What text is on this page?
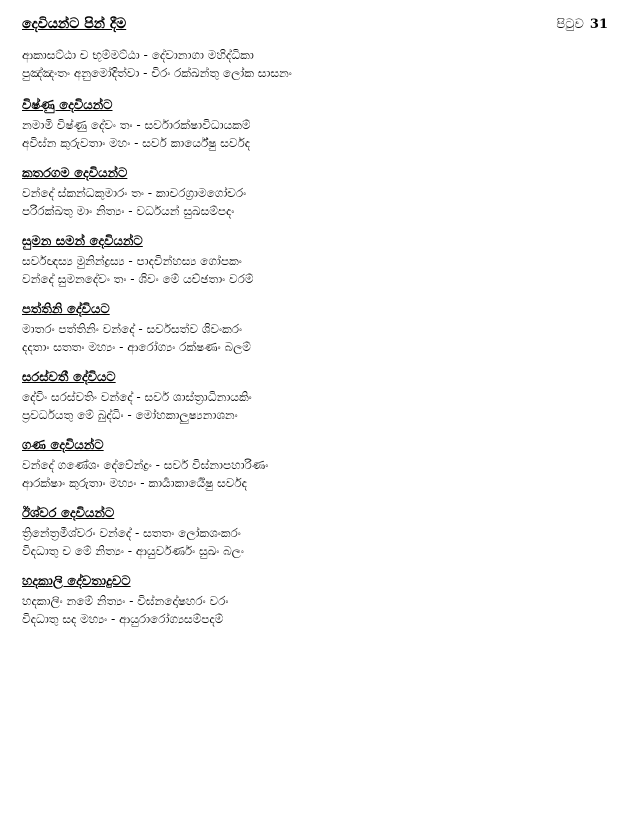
දෙවියන්ට පින් දීම	පිටුව 31
ආකාසට්ඨා ච භුම්මට්ඨා - දේවානාගා මහිද්ධිකා
පුඤ්ඤංතං අනුමෝදිත්වා - චිරං රක්ඛන්තු ලෝක සාසනං
විෂ්ණු දෙවියන්ට
නමාමි විෂ්ණු දේවං තං - සර්වාරක්ෂාවිධායකම්
අවිඝ්න කුරුවතාං මහං - සර්ව කාර්යේෂු සර්වද
කතරගම දෙවියන්ට
වන්දේ ස්කන්ධකුමාරං තං - කාචරග්‍රාමගෝචරං
පරිරක්ඛතු මාං නිත්‍යං - වර්ධයන් සුඛසම්පදං
සුමන සමන් දෙවියන්ට
සර්වඥස්‍ය මුනින්ද්‍රස්‍ය - පාදචින්හස්‍ය ගෝපකං
වන්දේ සුමනදේවං තං - ශිවං මේ යච්ඡතාං වරම්
පත්තිනි දේවියට
මාතරං පත්තිනිං වන්දේ - සර්වසත්ව ශිවංකරං
දදතාං සතතං මහ්‍යං - ආරෝග්‍යං රක්ෂණං බලම්
සරස්වතී දේවියට
දේවිං සරස්වතිං වන්දේ - සර්ව ශාස්ත්‍රාධිනායකිං
ප්‍රවර්ධයතු මේ බුද්ධිං - මෝහකාලුෂ්‍යනාශනං
ගණ දෙවියන්ට
වන්දේ ගණේශං දේවේන්ද්‍රං - සර්ව විඝ්නාපහාරිණං
ආරක්ෂාං කුරුතාං මහ්‍යං - කාර්‍යාකාර්‍යේෂු සර්වද
ඊශ්වර දෙවියන්ට
ත්‍රිනේත්‍රමීශ්වරං වන්දේ - සතතං ලෝකශංකරං
විදධාතු ච මේ නිත්‍යං - ආයුර්වර්ණං සුඛං බලං
හදකාලි දේවතාදුවට
හදකාලිං නමේ නිත්‍යං - විඝ්නදෝෂහරං වරං
විදධාතු සද මහ්‍යං - ආයුරාරෝග්‍යසම්පදම්
